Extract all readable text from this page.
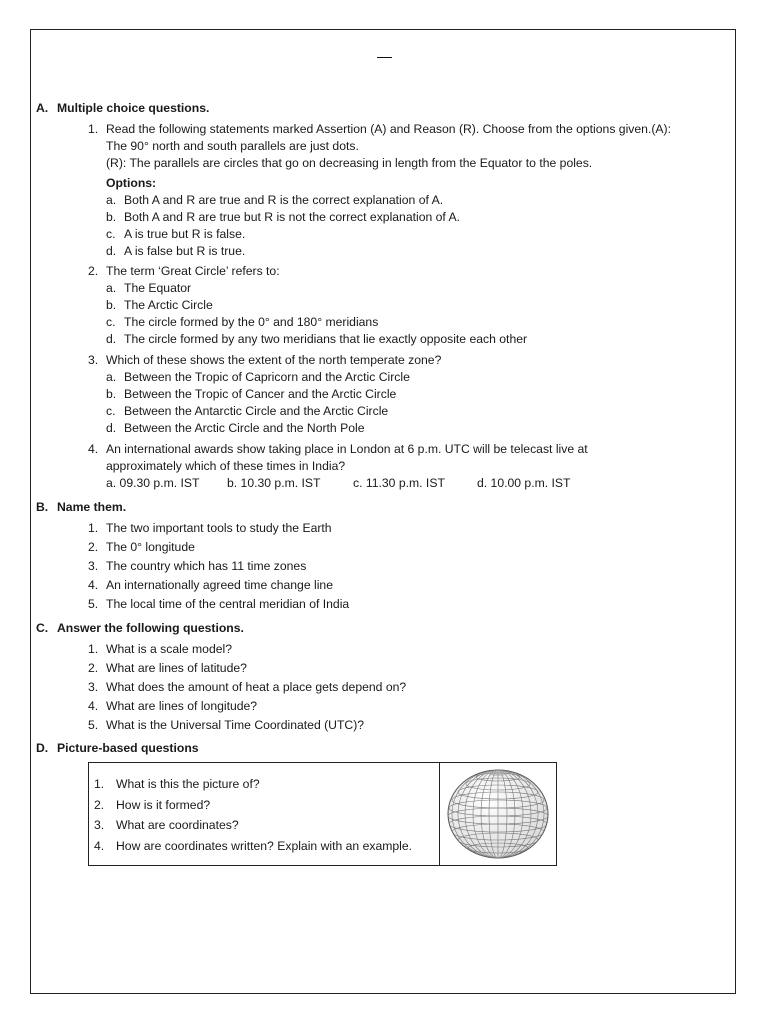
A. Multiple choice questions.
1. Read the following statements marked Assertion (A) and Reason (R). Choose from the options given.(A):
The 90° north and south parallels are just dots.
(R): The parallels are circles that go on decreasing in length from the Equator to the poles.
Options:
a. Both A and R are true and R is the correct explanation of A.
b. Both A and R are true but R is not the correct explanation of A.
c. A is true but R is false.
d. A is false but R is true.
2. The term ‘Great Circle’ refers to:
a. The Equator
b. The Arctic Circle
c. The circle formed by the 0° and 180° meridians
d. The circle formed by any two meridians that lie exactly opposite each other
3. Which of these shows the extent of the north temperate zone?
a. Between the Tropic of Capricorn and the Arctic Circle
b. Between the Tropic of Cancer and the Arctic Circle
c. Between the Antarctic Circle and the Arctic Circle
d. Between the Arctic Circle and the North Pole
4. An international awards show taking place in London at 6 p.m. UTC will be telecast live at
approximately which of these times in India?
a. 09.30 p.m. IST	b. 10.30 p.m. IST	c. 11.30 p.m. IST	d. 10.00 p.m. IST
B. Name them.
1. The two important tools to study the Earth
2. The 0° longitude
3. The country which has 11 time zones
4. An internationally agreed time change line
5. The local time of the central meridian of India
C. Answer the following questions.
1. What is a scale model?
2. What are lines of latitude?
3. What does the amount of heat a place gets depend on?
4. What are lines of longitude?
5. What is the Universal Time Coordinated (UTC)?
D. Picture-based questions
1. What is this the picture of?
2. How is it formed?
3. What are coordinates?
4. How are coordinates written? Explain with an example.
